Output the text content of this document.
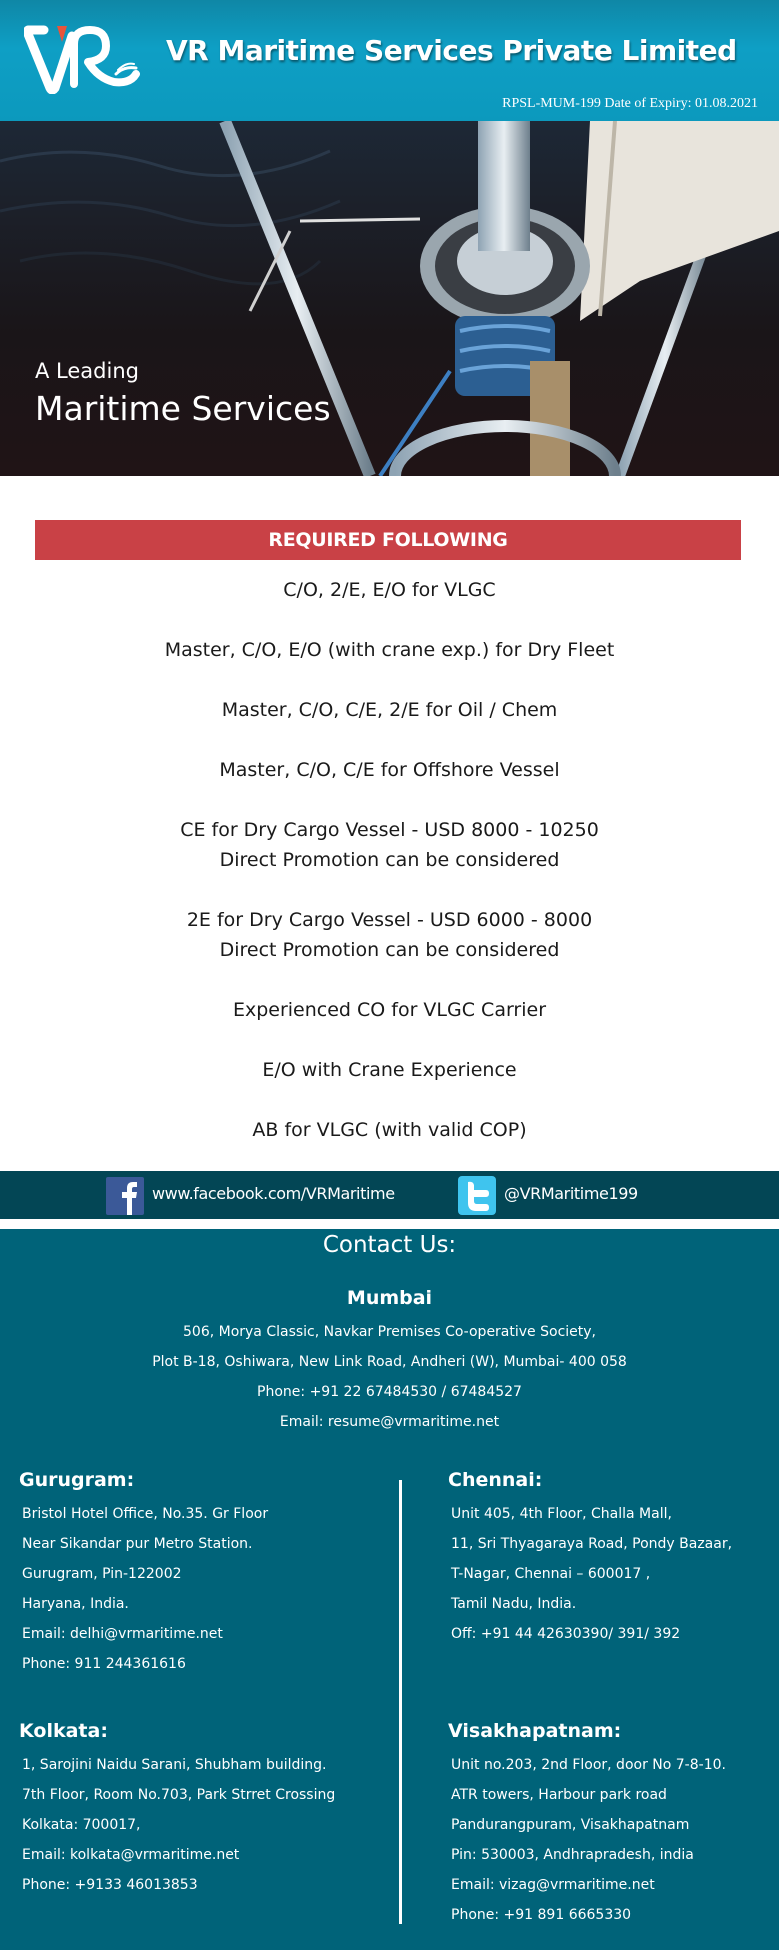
VR Maritime Services Private Limited
RPSL-MUM-199 Date of Expiry: 01.08.2021
A Leading
Maritime Services
REQUIRED FOLLOWING
C/O, 2/E, E/O for VLGC
Master, C/O, E/O (with crane exp.) for Dry Fleet
Master, C/O, C/E, 2/E for Oil / Chem
Master, C/O, C/E for Offshore Vessel
CE for Dry Cargo Vessel - USD 8000 - 10250
Direct Promotion can be considered
2E for Dry Cargo Vessel - USD 6000 - 8000
Direct Promotion can be considered
Experienced CO for VLGC Carrier
E/O with Crane Experience
AB for VLGC (with valid COP)
www.facebook.com/VRMaritime	@VRMaritime199
Contact Us:
Mumbai
506, Morya Classic, Navkar Premises Co-operative Society,
Plot B-18, Oshiwara, New Link Road, Andheri (W), Mumbai- 400 058
Phone: +91 22 67484530 / 67484527
Email: resume@vrmaritime.net
Gurugram:
Bristol Hotel Office, No.35. Gr Floor
Near Sikandar pur Metro Station.
Gurugram, Pin-122002
Haryana, India.
Email: delhi@vrmaritime.net
Phone: 911 244361616
Chennai:
Unit 405, 4th Floor, Challa Mall,
11, Sri Thyagaraya Road, Pondy Bazaar,
T-Nagar, Chennai – 600017 ,
Tamil Nadu, India.
Off: +91 44 42630390/ 391/ 392
Kolkata:
1, Sarojini Naidu Sarani, Shubham building.
7th Floor, Room No.703, Park Strret Crossing
Kolkata: 700017,
Email: kolkata@vrmaritime.net
Phone: +9133 46013853
Visakhapatnam:
Unit no.203, 2nd Floor, door No 7-8-10.
ATR towers, Harbour park road
Pandurangpuram, Visakhapatnam
Pin: 530003, Andhrapradesh, india
Email: vizag@vrmaritime.net
Phone: +91 891 6665330
